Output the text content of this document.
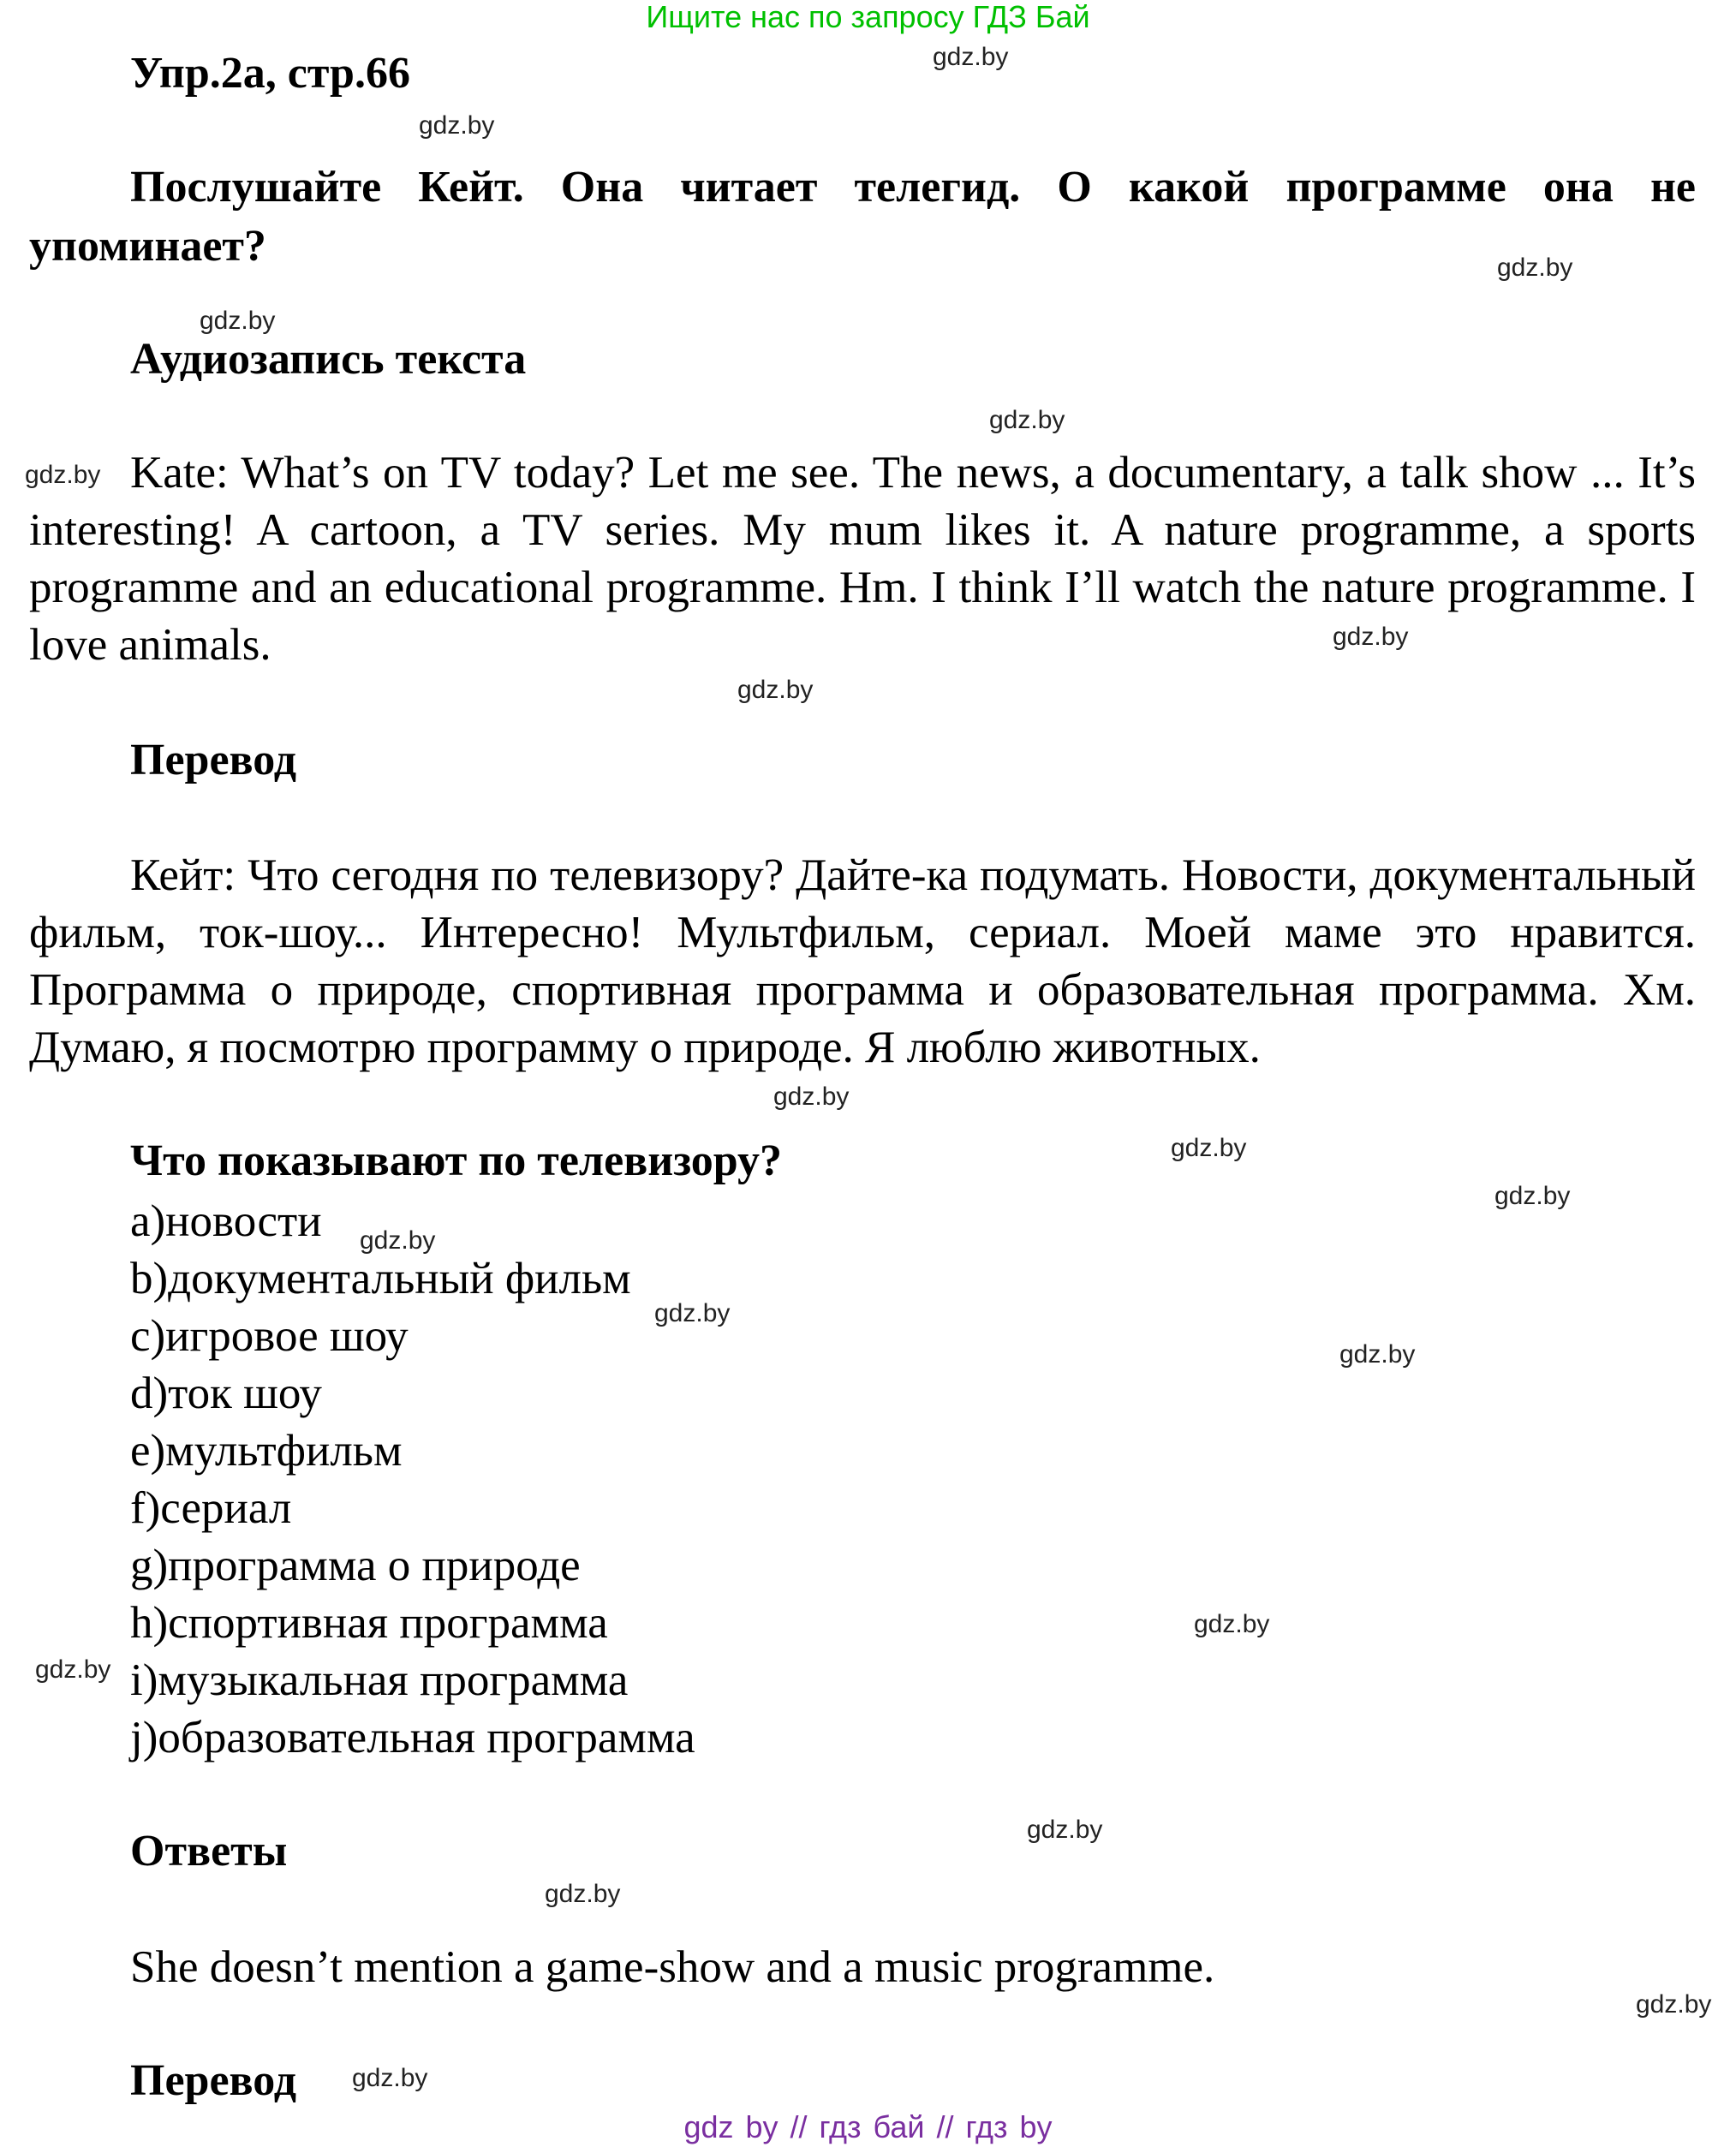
Ищите нас по запросу ГДЗ Бай
Упр.2а, стр.66
Послушайте Кейт. Она читает телегид. О какой программе она не упоминает?
Аудиозапись текста
Kate: What’s on TV today? Let me see. The news, a documentary, a talk show ... It’s interesting! A cartoon, a TV series. My mum likes it. A nature programme, a sports programme and an educational programme. Hm. I think I’ll watch the nature programme. I love animals.
Перевод
Кейт: Что сегодня по телевизору? Дайте-ка подумать. Новости, документальный фильм, ток-шоу... Интересно! Мультфильм, сериал. Моей маме это нравится. Программа о природе, спортивная программа и образовательная программа. Хм. Думаю, я посмотрю программу о природе. Я люблю животных.
Что показывают по телевизору?
a)новости
b)документальный фильм
c)игровое шоу
d)ток шоу
e)мультфильм
f)сериал
g)программа о природе
h)спортивная программа
i)музыкальная программа
j)образовательная программа
Ответы
She doesn’t mention a game-show and a music programme.
Перевод
gdz.by
gdz.by
gdz.by
gdz.by
gdz.by
gdz.by
gdz.by
gdz.by
gdz.by
gdz.by
gdz.by
gdz.by
gdz.by
gdz.by
gdz.by
gdz.by
gdz.by
gdz.by
gdz.by
gdz.by
gdz by // гдз бай // гдз by
